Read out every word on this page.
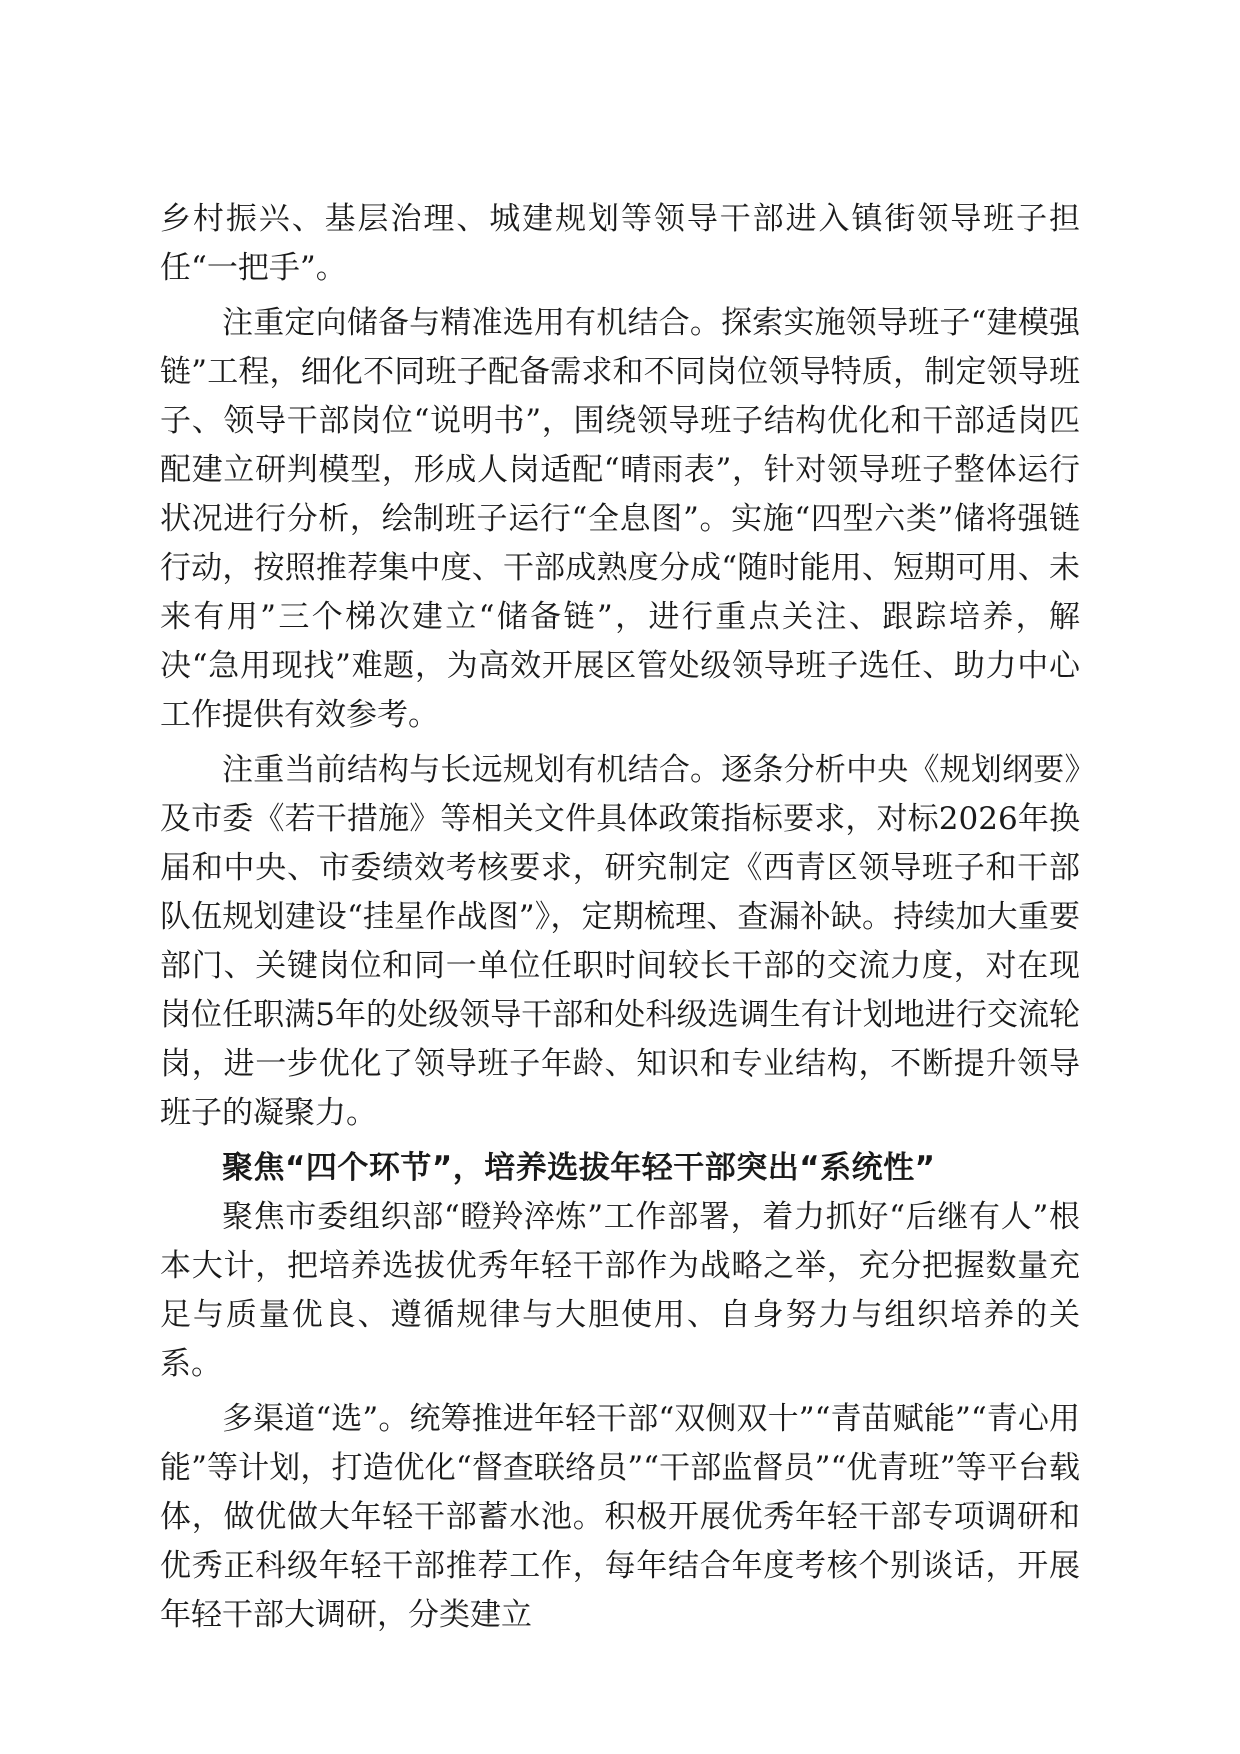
乡村振兴、基层治理、城建规划等领导干部进入镇街领导班子担任“一把手”。

注重定向储备与精准选用有机结合。探索实施领导班子“建模强链”工程，细化不同班子配备需求和不同岗位领导特质，制定领导班子、领导干部岗位“说明书”，围绕领导班子结构优化和干部适岗匹配建立研判模型，形成人岗适配“晴雨表”，针对领导班子整体运行状况进行分析，绘制班子运行“全息图”。实施“四型六类”储将强链行动，按照推荐集中度、干部成熟度分成“随时能用、短期可用、未来有用”三个梯次建立“储备链”，进行重点关注、跟踪培养，解决“急用现找”难题，为高效开展区管处级领导班子选任、助力中心工作提供有效参考。

注重当前结构与长远规划有机结合。逐条分析中央《规划纲要》及市委《若干措施》等相关文件具体政策指标要求，对标2026年换届和中央、市委绩效考核要求，研究制定《西青区领导班子和干部队伍规划建设“挂星作战图”》，定期梳理、查漏补缺。持续加大重要部门、关键岗位和同一单位任职时间较长干部的交流力度，对在现岗位任职满5年的处级领导干部和处科级选调生有计划地进行交流轮岗，进一步优化了领导班子年龄、知识和专业结构，不断提升领导班子的凝聚力。

聚焦“四个环节”，培养选拔年轻干部突出“系统性”

聚焦市委组织部“瞪羚淬炼”工作部署，着力抓好“后继有人”根本大计，把培养选拔优秀年轻干部作为战略之举，充分把握数量充足与质量优良、遵循规律与大胆使用、自身努力与组织培养的关系。

多渠道“选”。统筹推进年轻干部“双侧双十”“青苗赋能”“青心用能”等计划，打造优化“督查联络员”“干部监督员”“优青班”等平台载体，做优做大年轻干部蓄水池。积极开展优秀年轻干部专项调研和优秀正科级年轻干部推荐工作，每年结合年度考核个别谈话，开展年轻干部大调研，分类建立
